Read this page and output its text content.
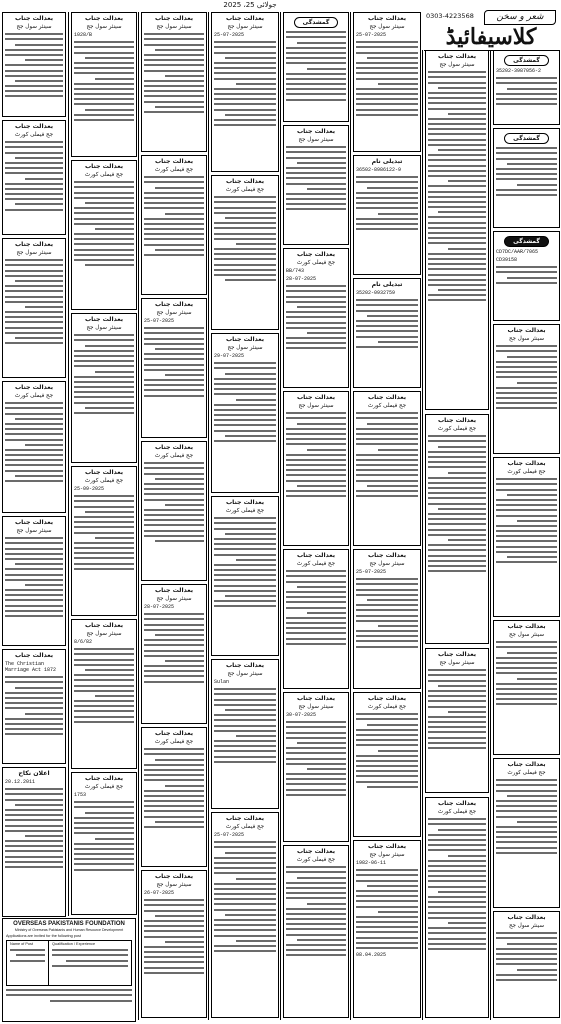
2025 ،جولائی 25
شعر و سخن
0303-4223568
کلاسیفائیڈ
بعدالت جناب
سینئر سول جج
بعدالت جناب
جج فیملی کورٹ
بعدالت جناب
سینئر سول جج
بعدالت جناب
جج فیملی کورٹ
بعدالت جناب
سینئر سول جج
بعدالت جناب
The Christian Marriage Act 1872
اعلان نکاح
20.12.2011
OVERSEAS PAKISTANIS FOUNDATION
Ministry of Overseas Pakistanis and Human Resource Development
Applications are invited for the following post
Name of Post	Qualification / Experience
بعدالت جناب
سینئر سول جج
1028/B
بعدالت جناب
جج فیملی کورٹ
بعدالت جناب
سینئر سول جج
بعدالت جناب
جج فیملی کورٹ
25-09-2025
بعدالت جناب
سینئر سول جج
8/6/82
بعدالت جناب
جج فیملی کورٹ
1753
بعدالت جناب
سینئر سول جج
بعدالت جناب
جج فیملی کورٹ
بعدالت جناب
سینئر سول جج
25-07-2025
بعدالت جناب
جج فیملی کورٹ
بعدالت جناب
سینئر سول جج
28-07-2025
بعدالت جناب
جج فیملی کورٹ
بعدالت جناب
سینئر سول جج
26-07-2025
بعدالت جناب
سینئر سول جج
25-07-2025
بعدالت جناب
جج فیملی کورٹ
بعدالت جناب
سینئر سول جج
29-07-2025
بعدالت جناب
جج فیملی کورٹ
بعدالت جناب
سینئر سول جج
Sulan
بعدالت جناب
جج فیملی کورٹ
25-07-2025
گمشدگی
بعدالت جناب
سینئر سول جج
بعدالت جناب
جج فیملی کورٹ
BB/743
28-07-2025
بعدالت جناب
سینئر سول جج
بعدالت جناب
جج فیملی کورٹ
بعدالت جناب
سینئر سول جج
30-07-2025
بعدالت جناب
جج فیملی کورٹ
بعدالت جناب
سینئر سول جج
25-07-2025
تبدیلی نام
36502-8986122-9
تبدیلی نام
35202-0932759
بعدالت جناب
جج فیملی کورٹ
بعدالت جناب
سینئر سول جج
25-07-2025
بعدالت جناب
جج فیملی کورٹ
بعدالت جناب
سینئر سول جج
1982-06-11
08.04.2025
بعدالت جناب
سینئر سول جج
بعدالت جناب
جج فیملی کورٹ
بعدالت جناب
سینئر سول جج
بعدالت جناب
جج فیملی کورٹ
گمشدگی
35202-3987056-2
گمشدگی
گمشدگی
CD7DC/AAR/7065
CD39158
بعدالت جناب
سینئر سول جج
بعدالت جناب
جج فیملی کورٹ
بعدالت جناب
سینئر سول جج
بعدالت جناب
جج فیملی کورٹ
بعدالت جناب
سینئر سول جج
